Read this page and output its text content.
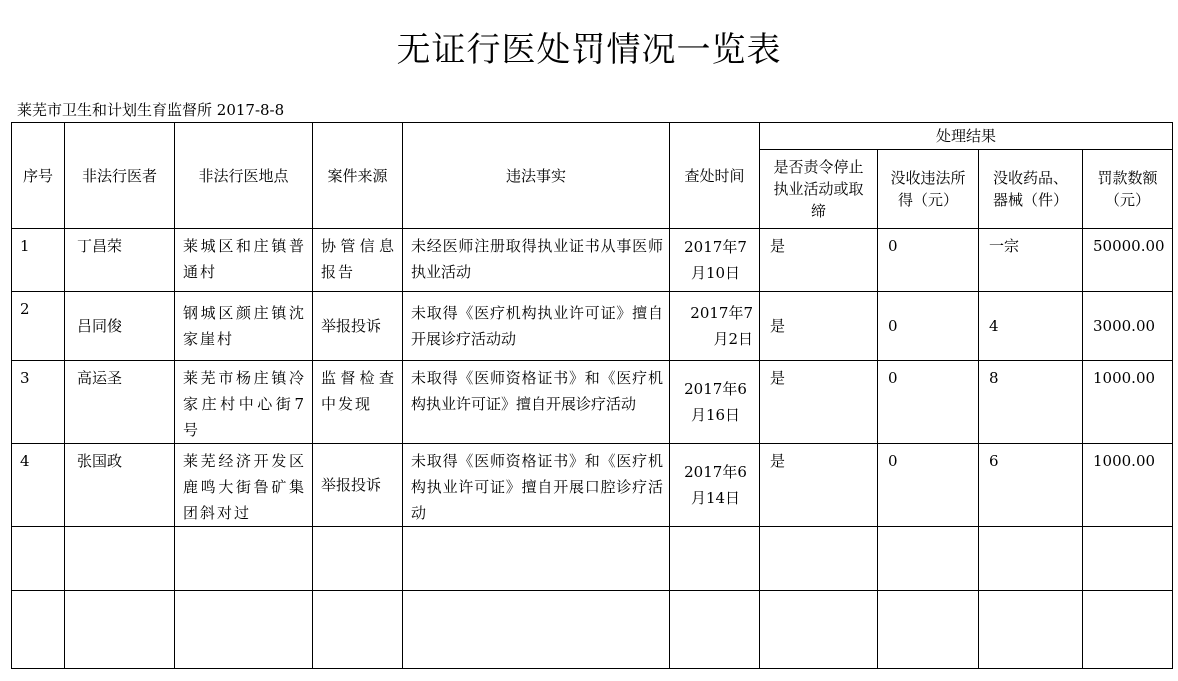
无证行医处罚情况一览表
莱芜市卫生和计划生育监督所 2017-8-8
序号	非法行医者	非法行医地点	案件来源	违法事实	查处时间	处理结果			
						是否责令停止执业活动或取缔	没收违法所得（元）	没收药品、器械（件）	罚款数额（元）

1	丁昌荣	莱城区和庄镇普通村	协管信息报告	未经医师注册取得执业证书从事医师执业活动	2017年7月10日	是	0	一宗	50000.00

2	吕同俊	钢城区颜庄镇沈家崖村	举报投诉	未取得《医疗机构执业许可证》擅自开展诊疗活动动	2017年7月2日	是	0	4	3000.00

3	高运圣	莱芜市杨庄镇冷家庄村中心街7号	监督检查中发现	未取得《医师资格证书》和《医疗机构执业许可证》擅自开展诊疗活动	2017年6月16日	是	0	8	1000.00

4	张国政	莱芜经济开发区鹿鸣大街鲁矿集团斜对过	举报投诉	未取得《医师资格证书》和《医疗机构执业许可证》擅自开展口腔诊疗活动	2017年6月14日	是	0	6	1000.00
